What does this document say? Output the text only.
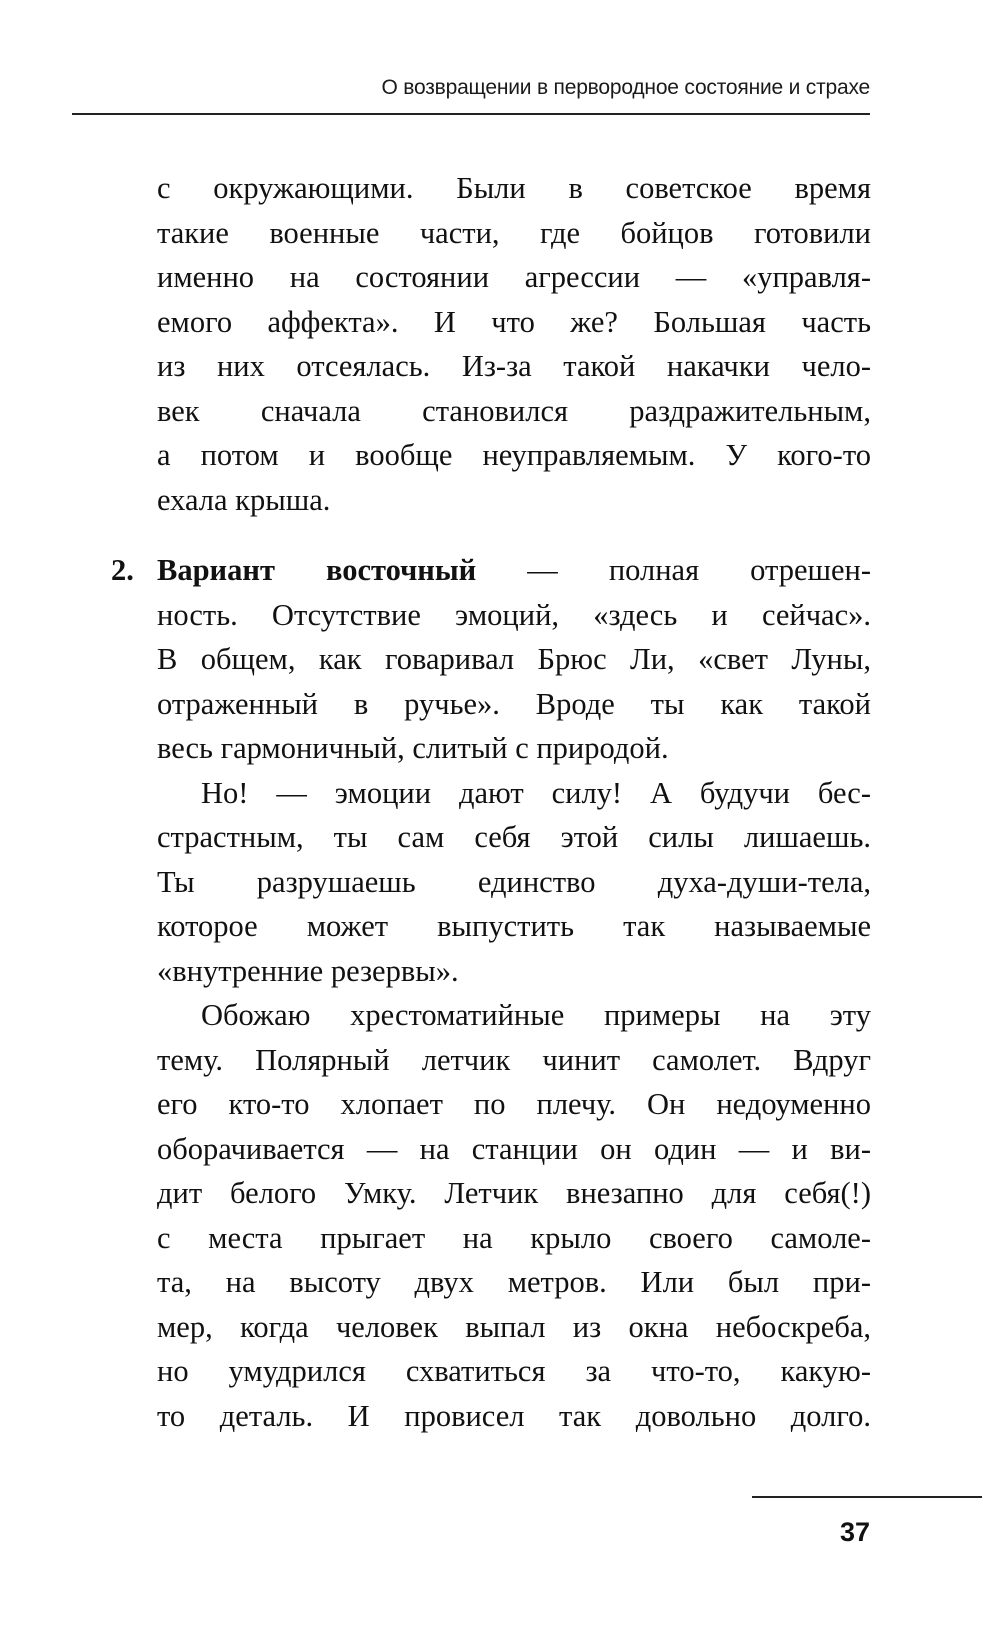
О возвращении в первородное состояние и страхе
с окружающими. Были в советское время
такие военные части, где бойцов готовили
именно на состоянии агрессии — «управля-
емого аффекта». И что же? Большая часть
из них отсеялась. Из-за такой накачки чело-
век сначала становился раздражительным,
а потом и вообще неуправляемым. У кого-то
ехала крыша.
2. Вариант восточный — полная отрешен-
ность. Отсутствие эмоций, «здесь и сейчас».
В общем, как говаривал Брюс Ли, «свет Луны,
отраженный в ручье». Вроде ты как такой
весь гармоничный, слитый с природой.
Но! — эмоции дают силу! А будучи бес-
страстным, ты сам себя этой силы лишаешь.
Ты разрушаешь единство духа-души-тела,
которое может выпустить так называемые
«внутренние резервы».
Обожаю хрестоматийные примеры на эту
тему. Полярный летчик чинит самолет. Вдруг
его кто-то хлопает по плечу. Он недоуменно
оборачивается — на станции он один — и ви-
дит белого Умку. Летчик внезапно для себя(!)
с места прыгает на крыло своего самоле-
та, на высоту двух метров. Или был при-
мер, когда человек выпал из окна небоскреба,
но умудрился схватиться за что-то, какую-
то деталь. И провисел так довольно долго.
37
